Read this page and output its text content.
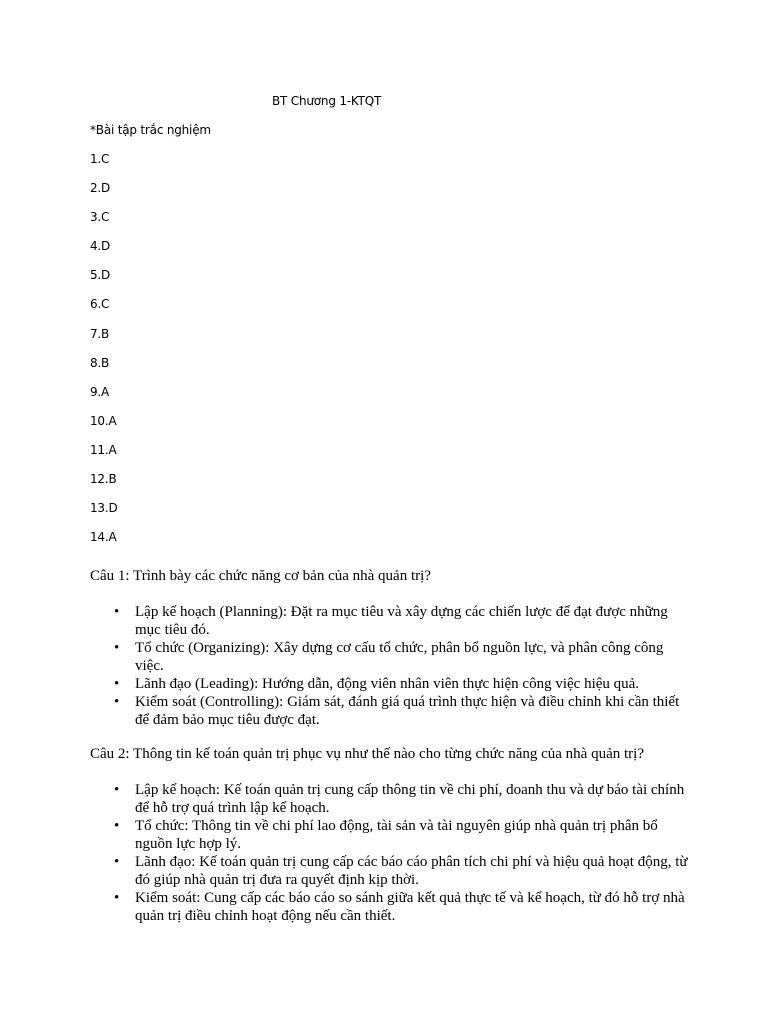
BT Chương 1-KTQT
*Bài tập trắc nghiệm
1.C
2.D
3.C
4.D
5.D
6.C
7.B
8.B
9.A
10.A
11.A
12.B
13.D
14.A
Câu 1: Trình bày các chức năng cơ bản của nhà quản trị?
• Lập kế hoạch (Planning): Đặt ra mục tiêu và xây dựng các chiến lược để đạt được những mục tiêu đó.
• Tổ chức (Organizing): Xây dựng cơ cấu tổ chức, phân bổ nguồn lực, và phân công công việc.
• Lãnh đạo (Leading): Hướng dẫn, động viên nhân viên thực hiện công việc hiệu quả.
• Kiểm soát (Controlling): Giám sát, đánh giá quá trình thực hiện và điều chỉnh khi cần thiết để đảm bảo mục tiêu được đạt.
Câu 2: Thông tin kế toán quản trị phục vụ như thế nào cho từng chức năng của nhà quản trị?
• Lập kế hoạch: Kế toán quản trị cung cấp thông tin về chi phí, doanh thu và dự báo tài chính để hỗ trợ quá trình lập kế hoạch.
• Tổ chức: Thông tin về chi phí lao động, tài sản và tài nguyên giúp nhà quản trị phân bổ nguồn lực hợp lý.
• Lãnh đạo: Kế toán quản trị cung cấp các báo cáo phân tích chi phí và hiệu quả hoạt động, từ đó giúp nhà quản trị đưa ra quyết định kịp thời.
• Kiểm soát: Cung cấp các báo cáo so sánh giữa kết quả thực tế và kế hoạch, từ đó hỗ trợ nhà quản trị điều chỉnh hoạt động nếu cần thiết.
